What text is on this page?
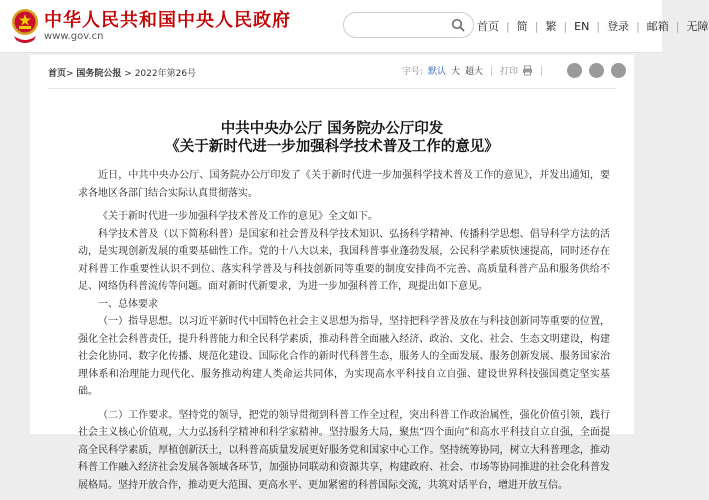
中华人民共和国中央人民政府
www.gov.cn
首页 | 简 | 繁 | EN | 登录 | 邮箱 | 无障
首页> 国务院公报 > 2022年第26号	字号: 默认 大 超大 打印
中共中央办公厅 国务院办公厅印发
《关于新时代进一步加强科学技术普及工作的意见》

近日，中共中央办公厅、国务院办公厅印发了《关于新时代进一步加强科学技术普及工作的意见》，并发出通知，要求各地区各部门结合实际认真贯彻落实。

《关于新时代进一步加强科学技术普及工作的意见》全文如下。

科学技术普及（以下简称科普）是国家和社会普及科学技术知识、弘扬科学精神、传播科学思想、倡导科学方法的活动，是实现创新发展的重要基础性工作。党的十八大以来，我国科普事业蓬勃发展，公民科学素质快速提高，同时还存在对科普工作重要性认识不到位、落实科学普及与科技创新同等重要的制度安排尚不完善、高质量科普产品和服务供给不足、网络伪科普流传等问题。面对新时代新要求，为进一步加强科普工作，现提出如下意见。

一、总体要求

（一）指导思想。以习近平新时代中国特色社会主义思想为指导，坚持把科学普及放在与科技创新同等重要的位置，强化全社会科普责任，提升科普能力和全民科学素质，推动科普全面融入经济、政治、文化、社会、生态文明建设，构建社会化协同、数字化传播、规范化建设、国际化合作的新时代科普生态，服务人的全面发展、服务创新发展、服务国家治理体系和治理能力现代化、服务推动构建人类命运共同体，为实现高水平科技自立自强、建设世界科技强国奠定坚实基础。

（二）工作要求。坚持党的领导，把党的领导贯彻到科普工作全过程，突出科普工作政治属性，强化价值引领，践行社会主义核心价值观，大力弘扬科学精神和科学家精神。坚持服务大局，聚焦“四个面向”和高水平科技自立自强，全面提高全民科学素质，厚植创新沃土，以科普高质量发展更好服务党和国家中心工作。坚持统筹协同，树立大科普理念，推动科普工作融入经济社会发展各领域各环节，加强协同联动和资源共享，构建政府、社会、市场等协同推进的社会化科普发展格局。坚持开放合作，推动更大范围、更高水平、更加紧密的科普国际交流，共筑对话平台，增进开放互信。
